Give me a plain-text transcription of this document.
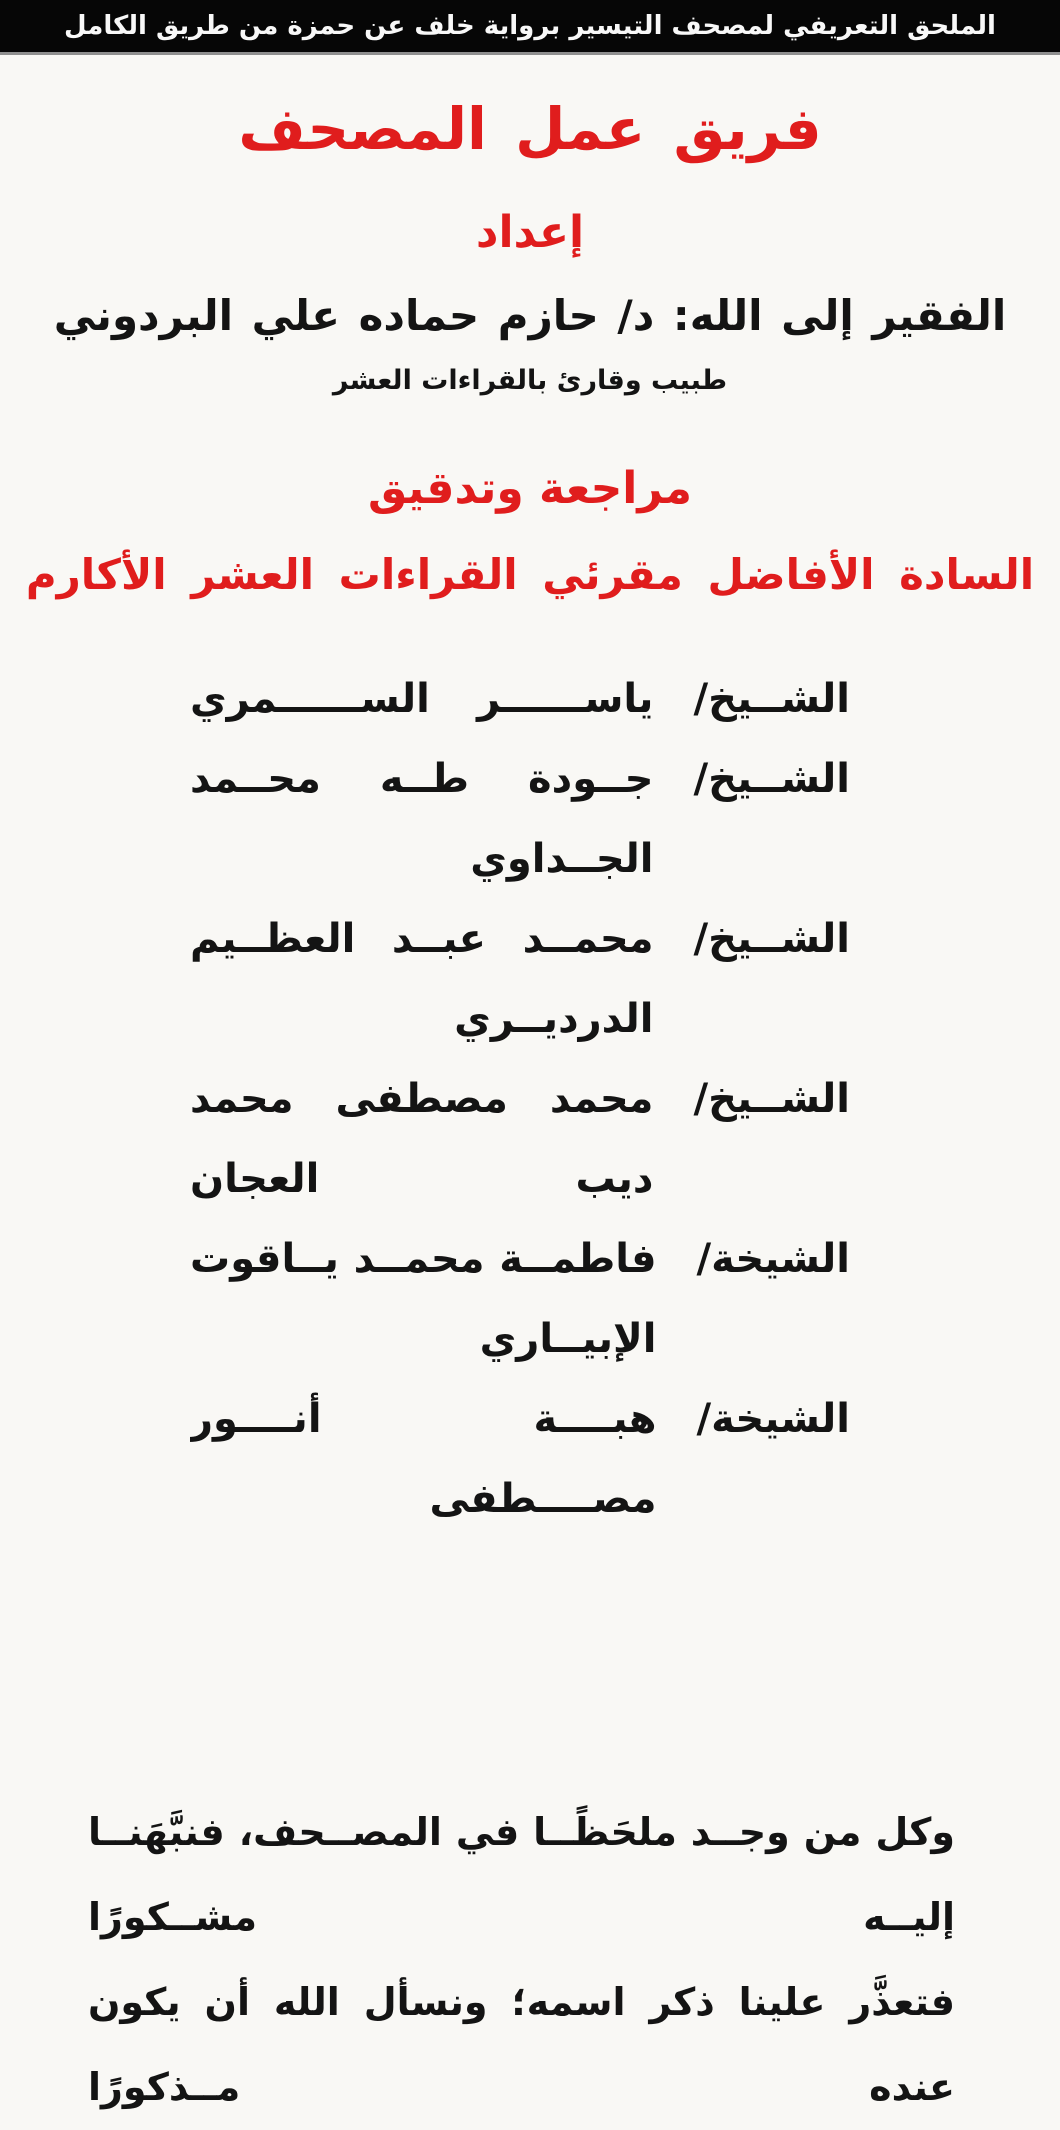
الملحق التعريفي لمصحف التيسير برواية خلف عن حمزة من طريق الكامل
فريق عمل المصحف
إعداد
الفقير إلى الله: د/ حازم حماده علي البردوني
طبيب وقارئ بالقراءات العشر
مراجعة وتدقيق
السادة الأفاضل مقرئي القراءات العشر الأكارم
الشــيخ/
ياســــــر الســــــمري
الشــيخ/
جــودة طــه محــمد الجــداوي
الشــيخ/
محمــد عبــد العظــيم الدرديــري
الشــيخ/
محمد مصطفى محمد ديب العجان
الشيخة/
فاطمــة محمــد يــاقوت الإبيــاري
الشيخة/
هبــــة أنــــور مصــــطفى
وكل من وجــد ملحَظًــا في المصــحف، فنبَّهَنــا إليــه مشــكورًا
فتعذَّر علينا ذكر اسمه؛ ونسأل الله أن يكون عنده مــذكورًا
